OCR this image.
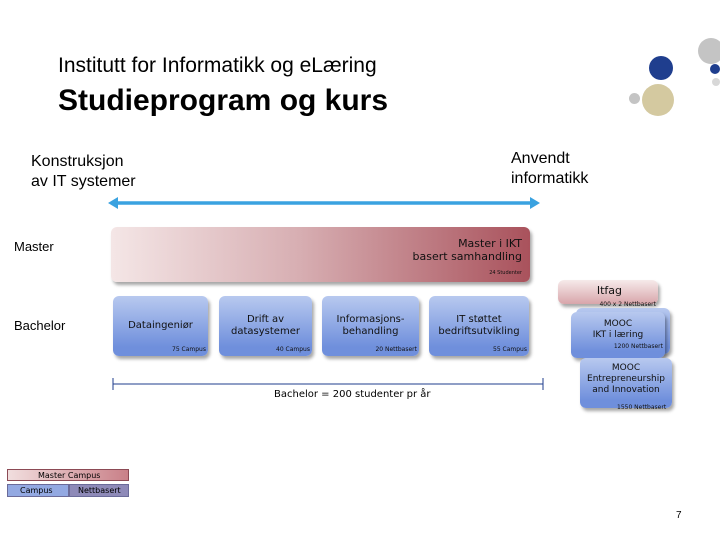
Institutt for Informatikk og eLæring
Studieprogram og kurs
Konstruksjon
av IT systemer
Anvendt
informatikk
Master
Bachelor
Master i IKT
basert samhandling
24 Studenter
Itfag
400 x 2 Nettbasert
Dataingeniør
75 Campus
Drift av
datasystemer
40 Campus
Informasjons-
behandling
20 Nettbasert
IT støttet
bedriftsutvikling
55 Campus
MOOC
IKT i læring
1200 Nettbasert
MOOC
Entrepreneurship
and Innovation
1550 Nettbasert
Bachelor = 200 studenter pr år
Master Campus
Campus	Nettbasert
7
